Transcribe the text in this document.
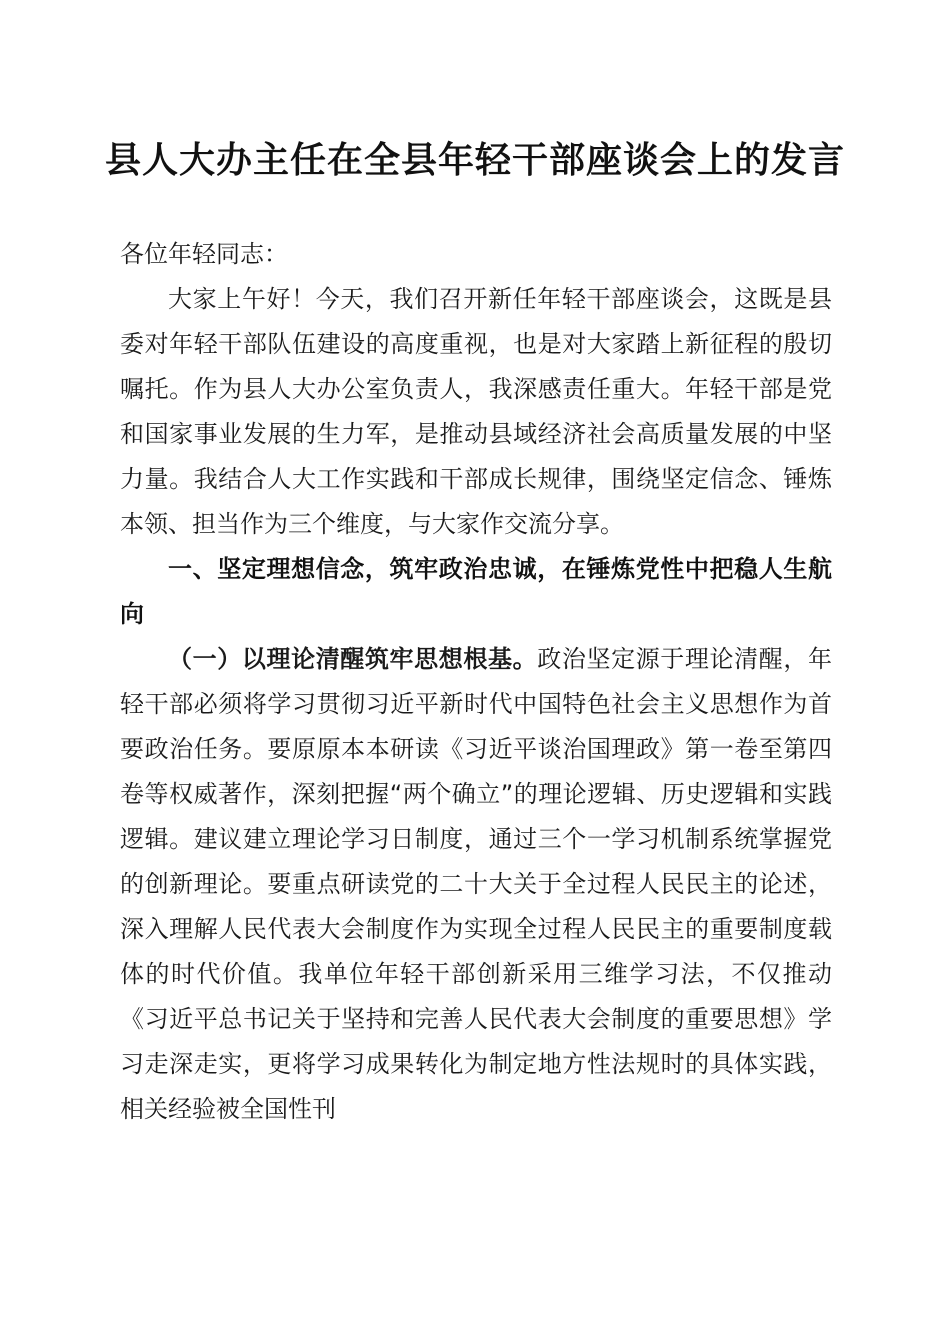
县人大办主任在全县年轻干部座谈会上的发言

各位年轻同志：

大家上午好！今天，我们召开新任年轻干部座谈会，这既是县委对年轻干部队伍建设的高度重视，也是对大家踏上新征程的殷切嘱托。作为县人大办公室负责人，我深感责任重大。年轻干部是党和国家事业发展的生力军，是推动县域经济社会高质量发展的中坚力量。我结合人大工作实践和干部成长规律，围绕坚定信念、锤炼本领、担当作为三个维度，与大家作交流分享。

一、坚定理想信念，筑牢政治忠诚，在锤炼党性中把稳人生航向

（一）以理论清醒筑牢思想根基。政治坚定源于理论清醒，年轻干部必须将学习贯彻习近平新时代中国特色社会主义思想作为首要政治任务。要原原本本研读《习近平谈治国理政》第一卷至第四卷等权威著作，深刻把握“两个确立”的理论逻辑、历史逻辑和实践逻辑。建议建立理论学习日制度，通过三个一学习机制系统掌握党的创新理论。要重点研读党的二十大关于全过程人民民主的论述，深入理解人民代表大会制度作为实现全过程人民民主的重要制度载体的时代价值。我单位年轻干部创新采用三维学习法，不仅推动《习近平总书记关于坚持和完善人民代表大会制度的重要思想》学习走深走实，更将学习成果转化为制定地方性法规时的具体实践，相关经验被全国性刊
